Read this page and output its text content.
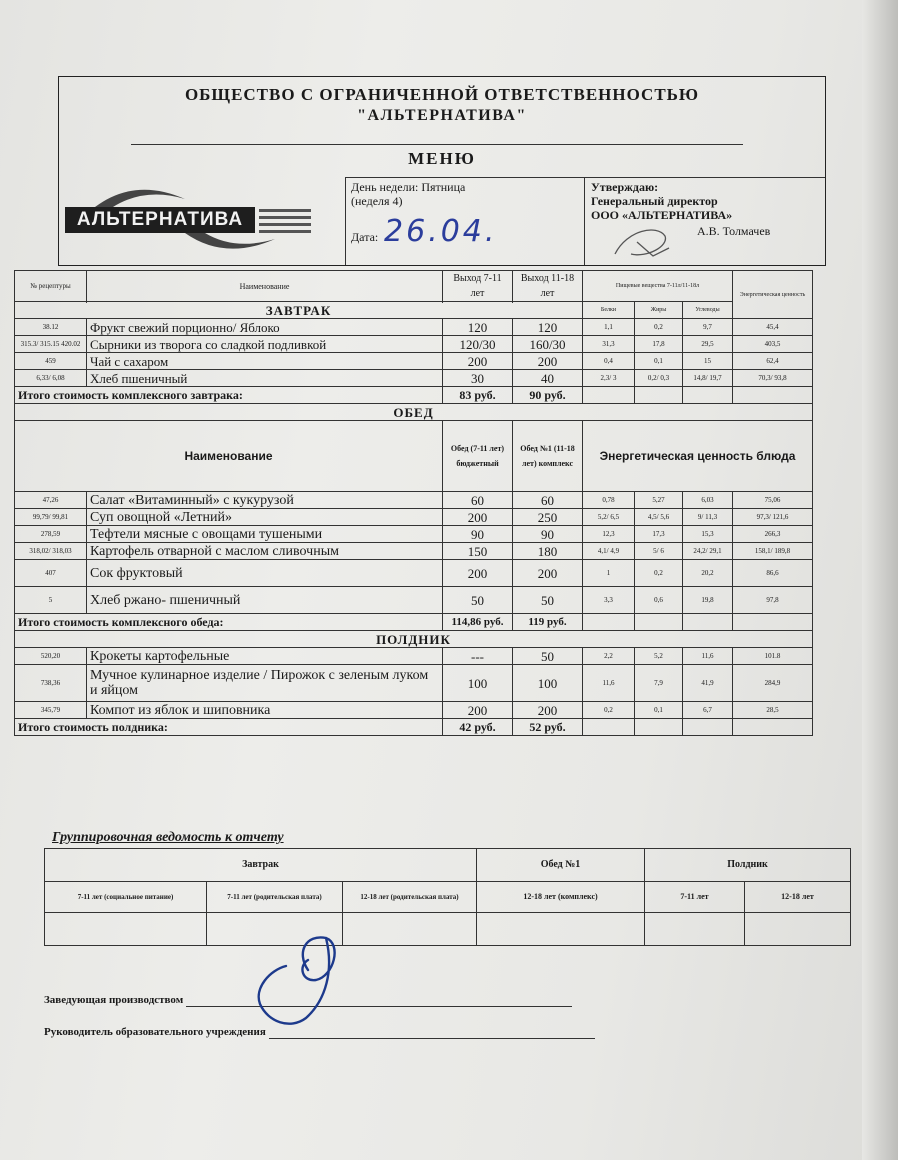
ОБЩЕСТВО С ОГРАНИЧЕННОЙ ОТВЕТСТВЕННОСТЬЮ
"АЛЬТЕРНАТИВА"
МЕНЮ
АЛЬТЕРНАТИВА
День недели: Пятница
(неделя 4)
Дата: 26.04.
Утверждаю:
Генеральный директор
ООО «АЛЬТЕРНАТИВА»
А.В. Толмачев
№ рецептуры	Наименование	Выход 7-11 лет	Выход 11-18 лет	Пищевые вещества 7-11л/11-18л			Энергетическая ценность

ЗАВТРАК				Белки	Жиры	Углеводы	
38.12	Фрукт свежий порционно/ Яблоко	120	120	1,1	0,2	9,7	45,4
315.3/ 315.15 420.02	Сырники из творога со сладкой подливкой	120/30	160/30	31,3	17,8	29,5	403,5
459	Чай с сахаром	200	200	0,4	0,1	15	62,4
6,33/ 6,08	Хлеб пшеничный	30	40	2,3/ 3	0,2/ 0,3	14,8/ 19,7	70,3/ 93,8
Итого стоимость комплексного завтрака:		83 руб.	90 руб.				
ОБЕД							
Наименование		Обед (7-11 лет) бюджетный	Обед №1 (11-18 лет) комплекс	Энергетическая ценность блюда			
47,26	Салат «Витаминный» с кукурузой	60	60	0,78	5,27	6,03	75,06
99,79/ 99,81	Суп овощной «Летний»	200	250	5,2/ 6,5	4,5/ 5,6	9/ 11,3	97,3/ 121,6
278,59	Тефтели мясные с овощами тушеными	90	90	12,3	17,3	15,3	266,3
318,02/ 318,03	Картофель отварной с маслом сливочным	150	180	4,1/ 4,9	5/ 6	24,2/ 29,1	158,1/ 189,8
407	Сок фруктовый	200	200	1	0,2	20,2	86,6
5	Хлеб ржано- пшеничный	50	50	3,3	0,6	19,8	97,8
Итого стоимость комплексного обеда:		114,86 руб.	119 руб.				
ПОЛДНИК							
520,20	Крокеты картофельные	---	50	2,2	5,2	11,6	101.8
738,36	Мучное кулинарное изделие / Пирожок с зеленым луком и яйцом	100	100	11,6	7,9	41,9	284,9
345,79	Компот из яблок и шиповника	200	200	0,2	0,1	6,7	28,5
Итого стоимость полдника:		42 руб.	52 руб.				
Группировочная ведомость к отчету
Завтрак			Обед №1	Полдник	
7-11 лет (социальное питание)	7-11 лет (родительская плата)	12-18 лет (родительская плата)	12-18 лет (комплекс)	7-11 лет	12-18 лет

Заведующая производством
Руководитель образовательного учреждения
